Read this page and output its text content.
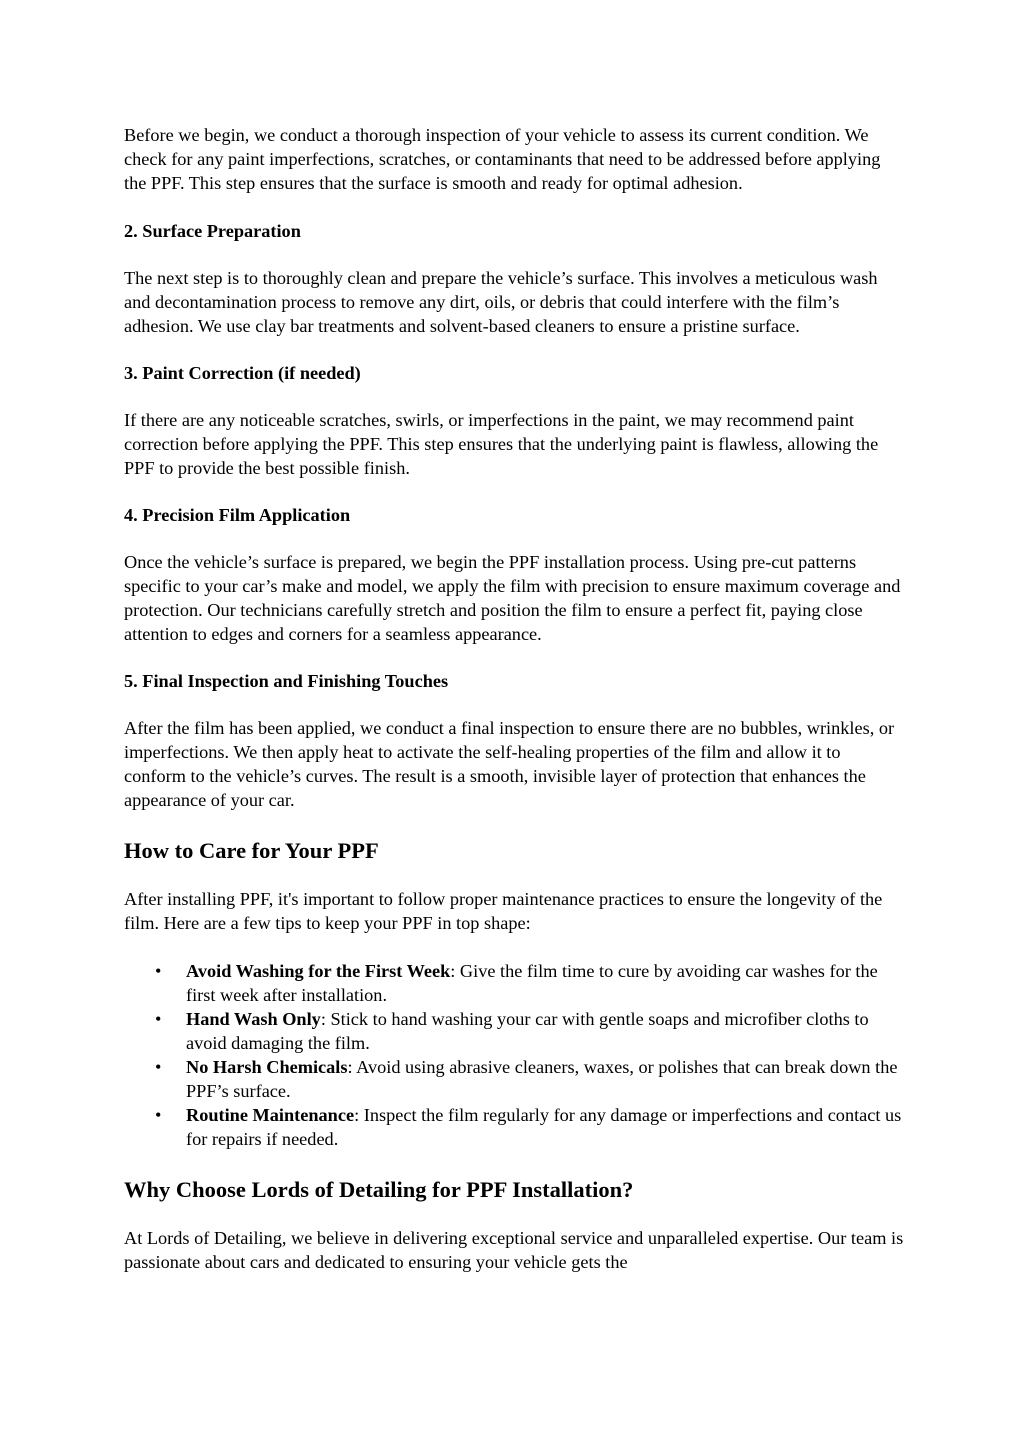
Before we begin, we conduct a thorough inspection of your vehicle to assess its current condition. We check for any paint imperfections, scratches, or contaminants that need to be addressed before applying the PPF. This step ensures that the surface is smooth and ready for optimal adhesion.

2. Surface Preparation

The next step is to thoroughly clean and prepare the vehicle’s surface. This involves a meticulous wash and decontamination process to remove any dirt, oils, or debris that could interfere with the film’s adhesion. We use clay bar treatments and solvent-based cleaners to ensure a pristine surface.

3. Paint Correction (if needed)

If there are any noticeable scratches, swirls, or imperfections in the paint, we may recommend paint correction before applying the PPF. This step ensures that the underlying paint is flawless, allowing the PPF to provide the best possible finish.

4. Precision Film Application

Once the vehicle’s surface is prepared, we begin the PPF installation process. Using pre-cut patterns specific to your car’s make and model, we apply the film with precision to ensure maximum coverage and protection. Our technicians carefully stretch and position the film to ensure a perfect fit, paying close attention to edges and corners for a seamless appearance.

5. Final Inspection and Finishing Touches

After the film has been applied, we conduct a final inspection to ensure there are no bubbles, wrinkles, or imperfections. We then apply heat to activate the self-healing properties of the film and allow it to conform to the vehicle’s curves. The result is a smooth, invisible layer of protection that enhances the appearance of your car.

How to Care for Your PPF

After installing PPF, it's important to follow proper maintenance practices to ensure the longevity of the film. Here are a few tips to keep your PPF in top shape:

• Avoid Washing for the First Week: Give the film time to cure by avoiding car washes for the first week after installation.
• Hand Wash Only: Stick to hand washing your car with gentle soaps and microfiber cloths to avoid damaging the film.
• No Harsh Chemicals: Avoid using abrasive cleaners, waxes, or polishes that can break down the PPF’s surface.
• Routine Maintenance: Inspect the film regularly for any damage or imperfections and contact us for repairs if needed.
Why Choose Lords of Detailing for PPF Installation?

At Lords of Detailing, we believe in delivering exceptional service and unparalleled expertise. Our team is passionate about cars and dedicated to ensuring your vehicle gets the
